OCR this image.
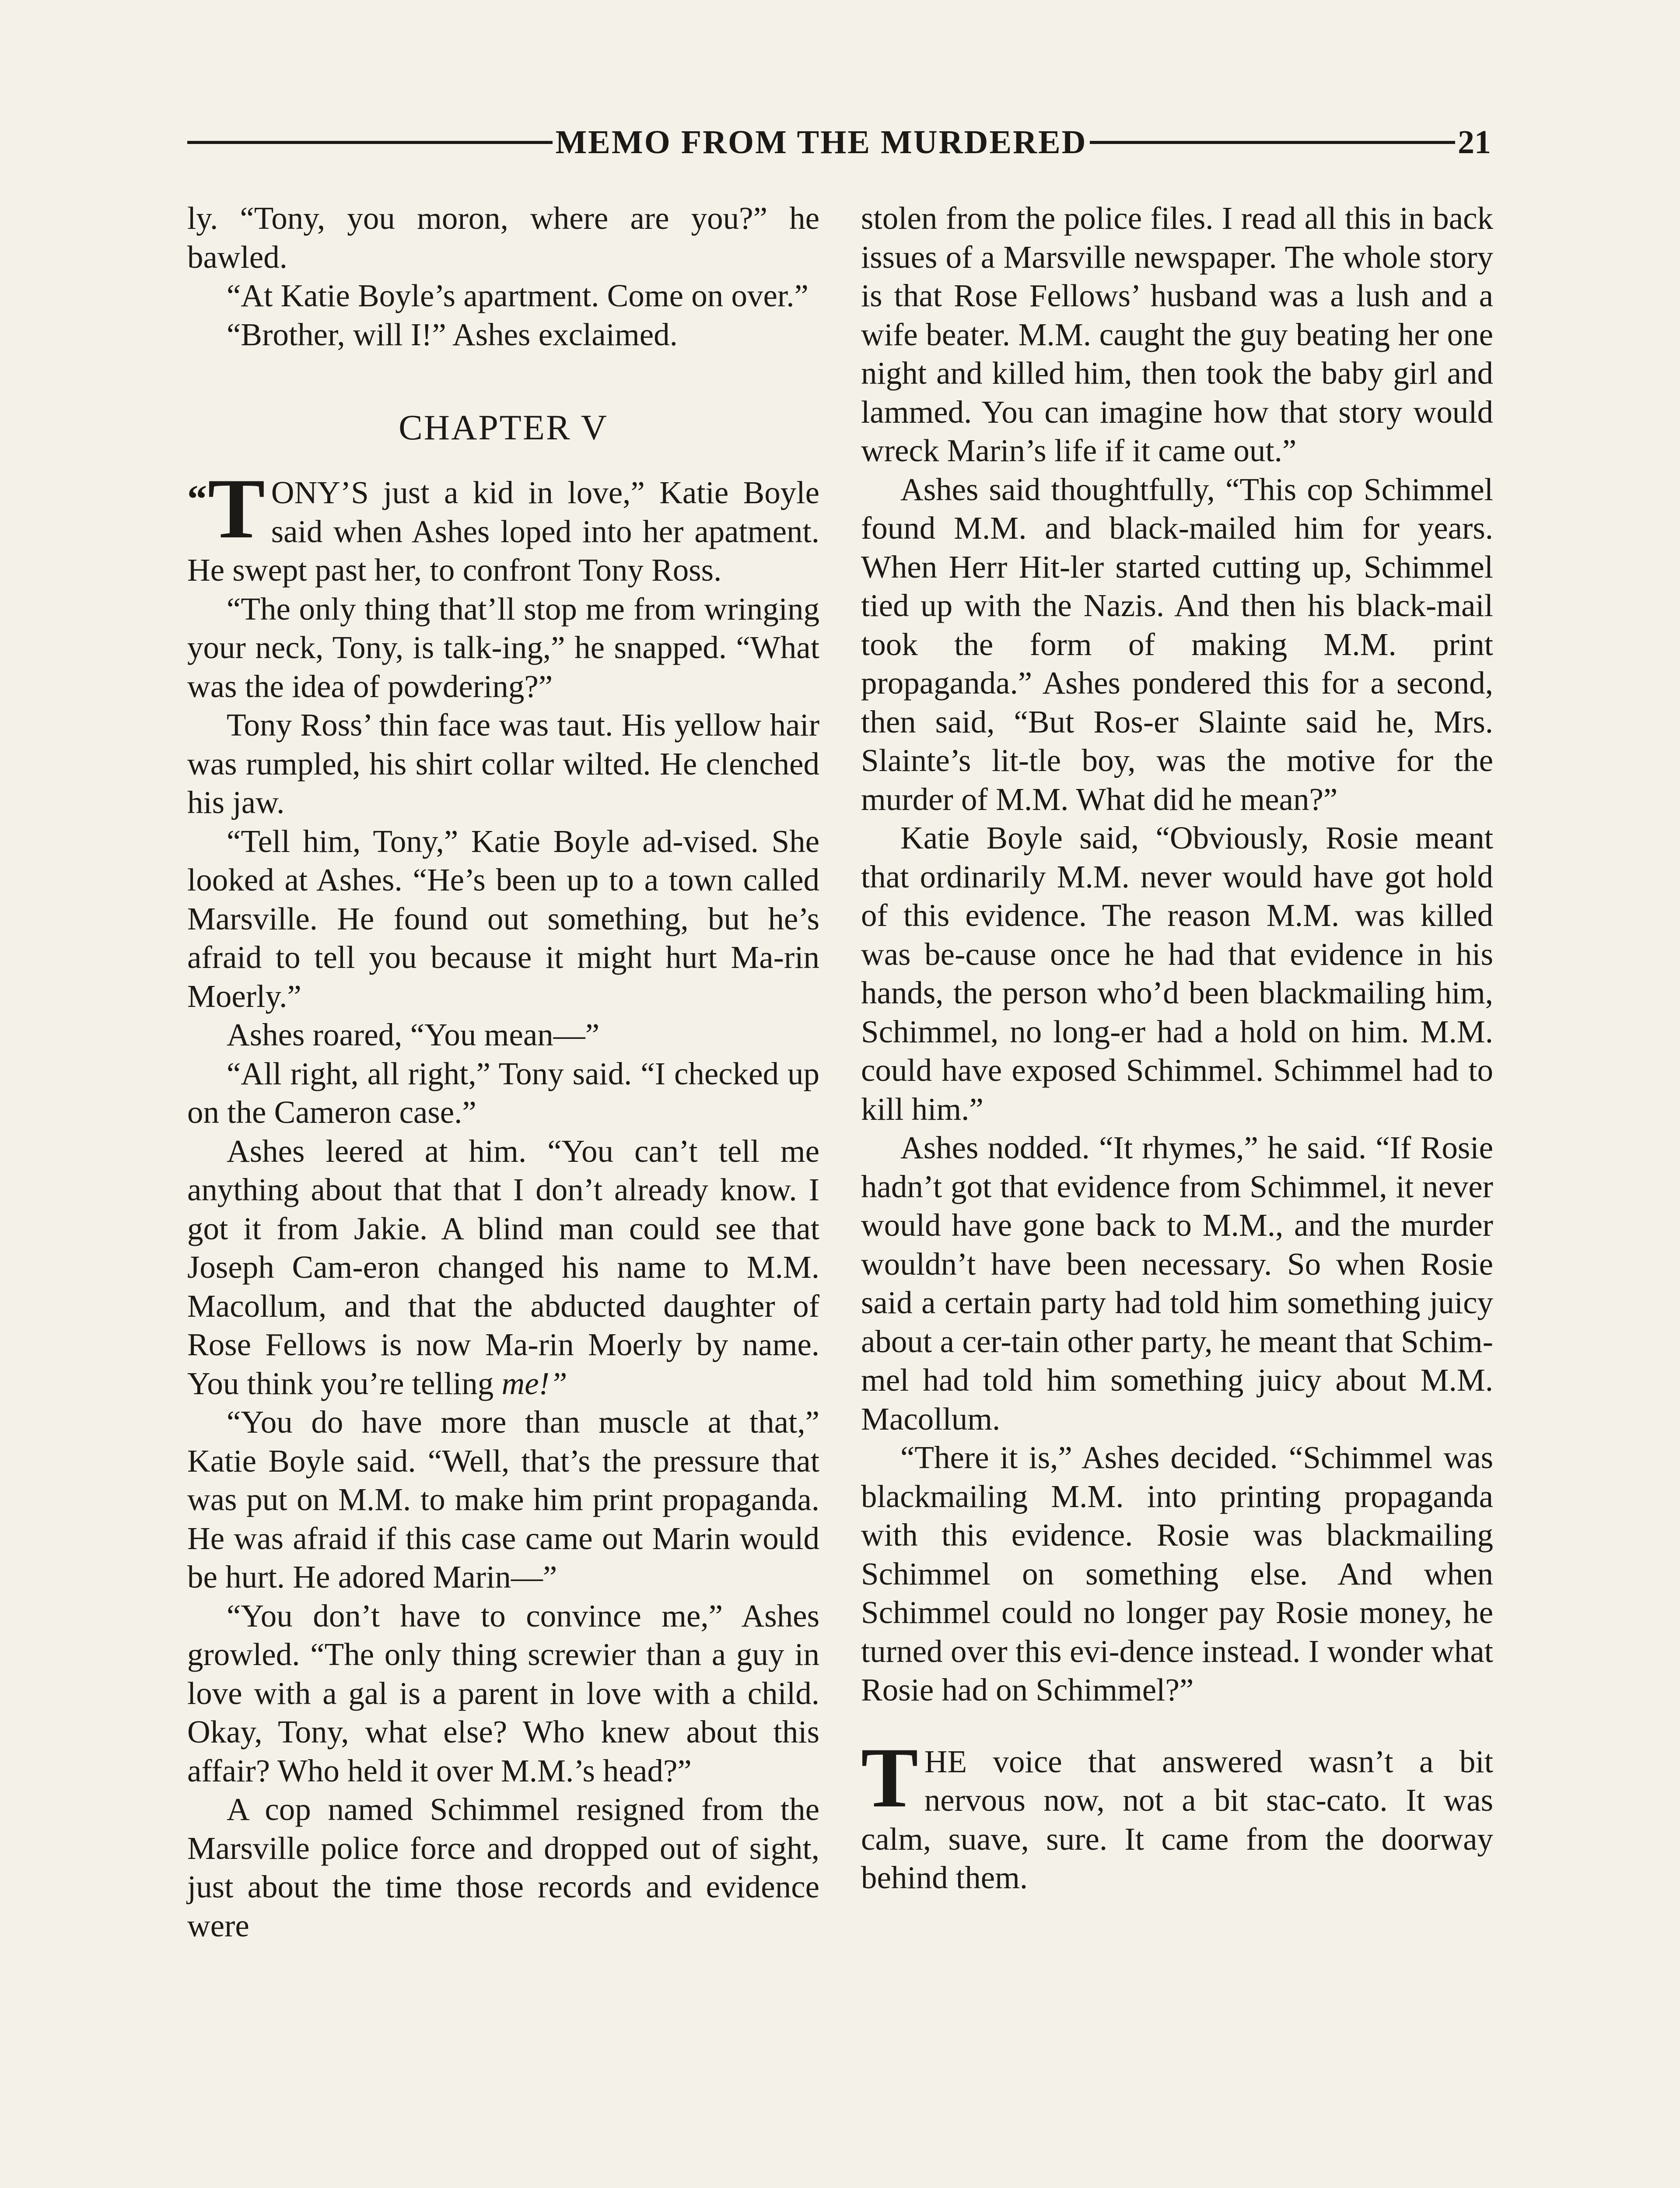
MEMO FROM THE MURDERED	21

ly. “Tony, you moron, where are you?” he bawled.

“At Katie Boyle’s apartment. Come on over.”

“Brother, will I!” Ashes exclaimed.

CHAPTER V

“ T ONY’S just a kid in love,” Katie Boyle said when Ashes loped into her apatment. He swept past her, to confront Tony Ross.

“The only thing that’ll stop me from wringing your neck, Tony, is talk-ing,” he snapped. “What was the idea of powdering?”

Tony Ross’ thin face was taut. His yellow hair was rumpled, his shirt collar wilted. He clenched his jaw.

“Tell him, Tony,” Katie Boyle ad-vised. She looked at Ashes. “He’s been up to a town called Marsville. He found out something, but he’s afraid to tell you because it might hurt Ma-rin Moerly.”

Ashes roared, “You mean—”

“All right, all right,” Tony said. “I checked up on the Cameron case.”

Ashes leered at him. “You can’t tell me anything about that that I don’t already know. I got it from Jakie. A blind man could see that Joseph Cam-eron changed his name to M.M. Macollum, and that the abducted daughter of Rose Fellows is now Ma-rin Moerly by name. You think you’re telling me!”

“You do have more than muscle at that,” Katie Boyle said. “Well, that’s the pressure that was put on M.M. to make him print propaganda. He was afraid if this case came out Marin would be hurt. He adored Marin—”

“You don’t have to convince me,” Ashes growled. “The only thing screwier than a guy in love with a gal is a parent in love with a child. Okay, Tony, what else? Who knew about this affair? Who held it over M.M.’s head?”

A cop named Schimmel resigned from the Marsville police force and dropped out of sight, just about the time those records and evidence were

stolen from the police files. I read all this in back issues of a Marsville newspaper. The whole story is that Rose Fellows’ husband was a lush and a wife beater. M.M. caught the guy beating her one night and killed him, then took the baby girl and lammed. You can imagine how that story would wreck Marin’s life if it came out.”

Ashes said thoughtfully, “This cop Schimmel found M.M. and black-mailed him for years. When Herr Hit-ler started cutting up, Schimmel tied up with the Nazis. And then his black-mail took the form of making M.M. print propaganda.” Ashes pondered this for a second, then said, “But Ros-er Slainte said he, Mrs. Slainte’s lit-tle boy, was the motive for the murder of M.M. What did he mean?”

Katie Boyle said, “Obviously, Rosie meant that ordinarily M.M. never would have got hold of this evidence. The reason M.M. was killed was be-cause once he had that evidence in his hands, the person who’d been blackmailing him, Schimmel, no long-er had a hold on him. M.M. could have exposed Schimmel. Schimmel had to kill him.”

Ashes nodded. “It rhymes,” he said. “If Rosie hadn’t got that evidence from Schimmel, it never would have gone back to M.M., and the murder wouldn’t have been necessary. So when Rosie said a certain party had told him something juicy about a cer-tain other party, he meant that Schim-mel had told him something juicy about M.M. Macollum.

“There it is,” Ashes decided. “Schimmel was blackmailing M.M. into printing propaganda with this evidence. Rosie was blackmailing Schimmel on something else. And when Schimmel could no longer pay Rosie money, he turned over this evi-dence instead. I wonder what Rosie had on Schimmel?”

THE voice that answered wasn’t a bit nervous now, not a bit stac-cato. It was calm, suave, sure. It came from the doorway behind them.
